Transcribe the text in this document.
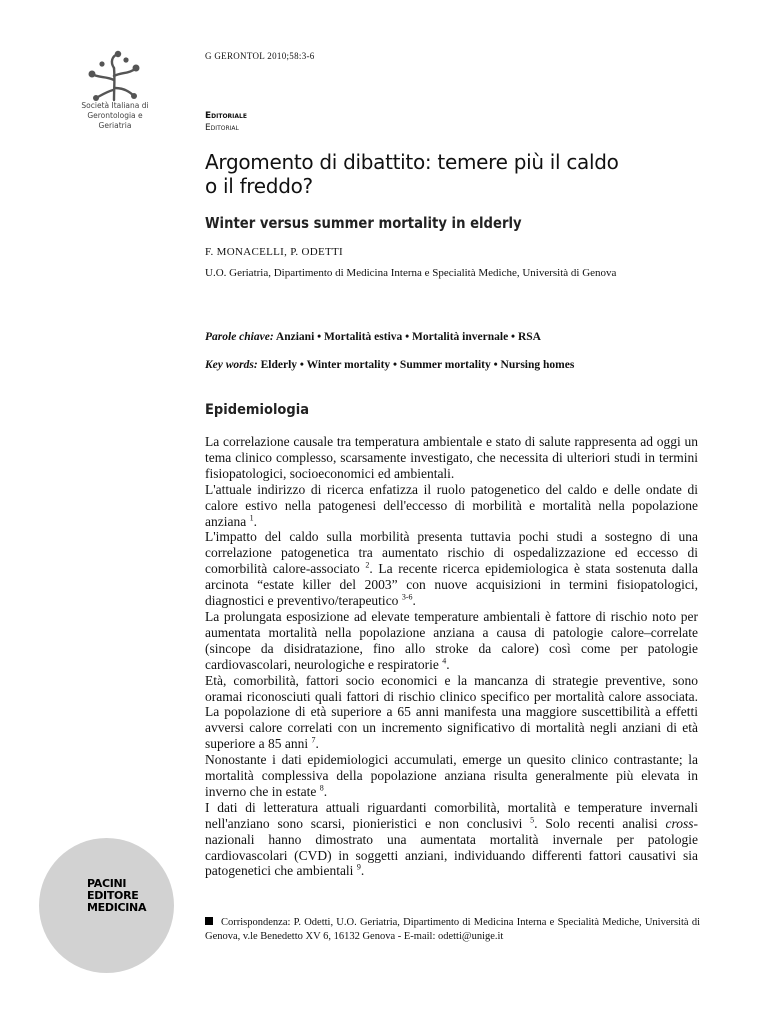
Società Italiana di
Gerontologia e
Geriatria
G GERONTOL 2010;58:3-6
Editoriale
Editorial
Argomento di dibattito: temere più il caldo
o il freddo?
Winter versus summer mortality in elderly
F. MONACELLI, P. ODETTI
U.O. Geriatria, Dipartimento di Medicina Interna e Specialità Mediche, Università di Genova
Parole chiave: Anziani • Mortalità estiva • Mortalità invernale • RSA
Key words: Elderly • Winter mortality • Summer mortality • Nursing homes
Epidemiologia

La correlazione causale tra temperatura ambientale e stato di salute rappresenta ad oggi un tema clinico complesso, scarsamente investigato, che necessita di ulteriori studi in termini fisiopatologici, socioeconomici ed ambientali.

L'attuale indirizzo di ricerca enfatizza il ruolo patogenetico del caldo e delle ondate di calore estivo nella patogenesi dell'eccesso di morbilità e mortalità nella popolazione anziana $^1$.

L'impatto del caldo sulla morbilità presenta tuttavia pochi studi a sostegno di una correlazione patogenetica tra aumentato rischio di ospedalizzazione ed eccesso di comorbilità calore-associato $^2$. La recente ricerca epidemiologica è stata sostenuta dalla arcinota “estate killer del 2003” con nuove acquisizioni in termini fisiopatologici, diagnostici e preventivo/terapeutico $^{3-6}$.

La prolungata esposizione ad elevate temperature ambientali è fattore di rischio noto per aumentata mortalità nella popolazione anziana a causa di patologie calore–correlate (sincope da disidratazione, fino allo stroke da calore) così come per patologie cardiovascolari, neurologiche e respiratorie $^4$.

Età, comorbilità, fattori socio economici e la mancanza di strategie preventive, sono oramai riconosciuti quali fattori di rischio clinico specifico per mortalità calore associata. La popolazione di età superiore a 65 anni manifesta una maggiore suscettibilità a effetti avversi calore correlati con un incremento significativo di mortalità negli anziani di età superiore a 85 anni $^7$.

Nonostante i dati epidemiologici accumulati, emerge un quesito clinico contrastante; la mortalità complessiva della popolazione anziana risulta generalmente più elevata in inverno che in estate $^8$.

I dati di letteratura attuali riguardanti comorbilità, mortalità e temperature invernali nell'anziano sono scarsi, pionieristici e non conclusivi $^5$. Solo recenti analisi cross-nazionali hanno dimostrato una aumentata mortalità invernale per patologie cardiovascolari (CVD) in soggetti anziani, individuando differenti fattori causativi sia patogenetici che ambientali $^9$.

PACINI
EDITORE
MEDICINA
Corrispondenza: P. Odetti, U.O. Geriatria, Dipartimento di Medicina Interna e Specialità Mediche, Università di Genova, v.le Benedetto XV 6, 16132 Genova - E-mail: odetti@unige.it
